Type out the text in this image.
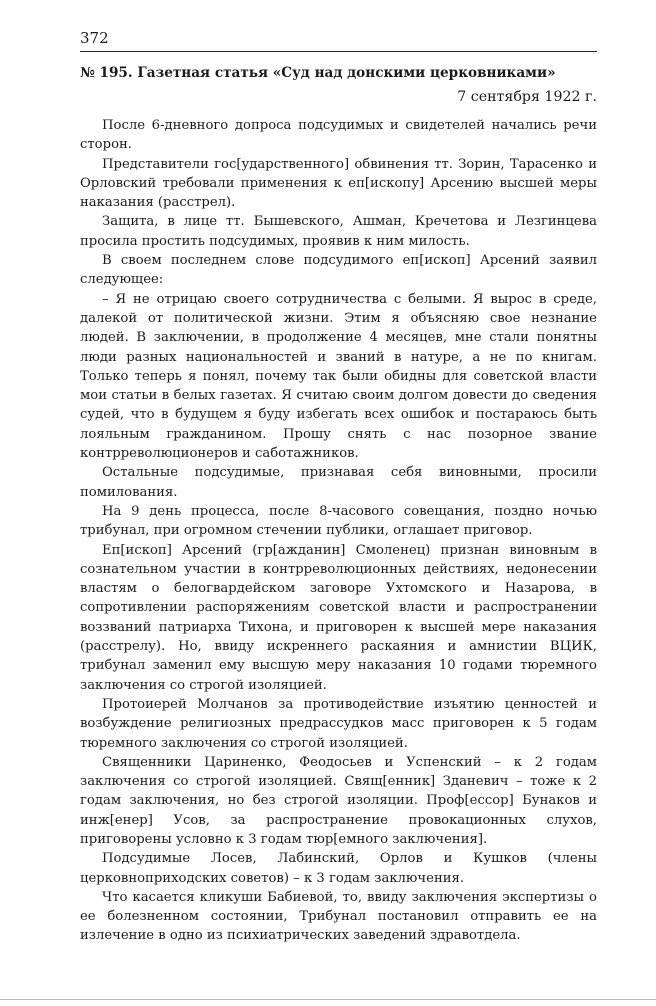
372
№ 195. Газетная статья «Суд над донскими церковниками»
7 сентября 1922 г.

После 6-дневного допроса подсудимых и свидетелей начались речи сторон.

Представители гос[ударственного] обвинения тт. Зорин, Тарасенко и Орловский требовали применения к еп[ископу] Арсению высшей меры наказания (расстрел).

Защита, в лице тт. Бышевского, Ашман, Кречетова и Лезгинцева просила простить подсудимых, проявив к ним милость.

В своем последнем слове подсудимого еп[ископ] Арсений заявил следующее:

– Я не отрицаю своего сотрудничества с белыми. Я вырос в среде, далекой от политической жизни. Этим я объясняю свое незнание людей. В заключении, в продолжение 4 месяцев, мне стали понятны люди разных национальностей и званий в натуре, а не по книгам. Только теперь я понял, почему так были обидны для советской власти мои статьи в белых газетах. Я считаю своим долгом довести до сведения судей, что в будущем я буду избегать всех ошибок и постараюсь быть лояльным гражданином. Прошу снять с нас позорное звание контрреволюционеров и саботажников.

Остальные подсудимые, признавая себя виновными, просили помилования.

На 9 день процесса, после 8-часового совещания, поздно ночью трибунал, при огромном стечении публики, оглашает приговор.

Еп[ископ] Арсений (гр[ажданин] Смоленец) признан виновным в сознательном участии в контрреволюционных действиях, недонесении властям о белогвардейском заговоре Ухтомского и Назарова, в сопротивлении распоряжениям советской власти и распространении воззваний патриарха Тихона, и приговорен к высшей мере наказания (расстрелу). Но, ввиду искреннего раскаяния и амнистии ВЦИК, трибунал заменил ему высшую меру наказания 10 годами тюремного заключения со строгой изоляцией.

Протоиерей Молчанов за противодействие изъятию ценностей и возбуждение религиозных предрассудков масс приговорен к 5 годам тюремного заключения со строгой изоляцией.

Священники Цариненко, Феодосьев и Успенский – к 2 годам заключения со строгой изоляцией. Свящ[енник] Зданевич – тоже к 2 годам заключения, но без строгой изоляции. Проф[ессор] Бунаков и инж[енер] Усов, за распространение провокационных слухов, приговорены условно к 3 годам тюр[емного заключения].

Подсудимые Лосев, Лабинский, Орлов и Кушков (члены церковноприходских советов) – к 3 годам заключения.

Что касается кликуши Бабиевой, то, ввиду заключения экспертизы о ее болезненном состоянии, Трибунал постановил отправить ее на излечение в одно из психиатрических заведений здравотдела.
